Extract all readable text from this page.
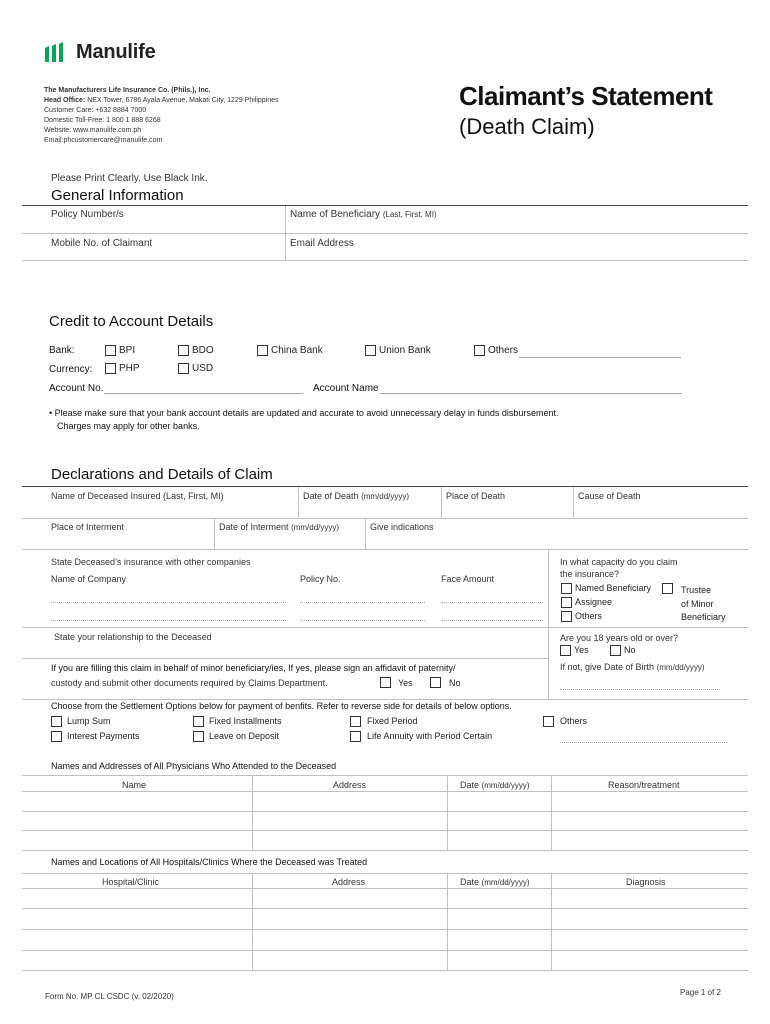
Manulife
The Manufacturers Life Insurance Co. (Phils.), Inc.
Head Office: NEX Tower, 6786 Ayala Avenue, Makati City, 1229 Philippines
Customer Care: +632 8884 7000
Domestic Toll-Free: 1 800 1 888 6268
Website: www.manulife.com.ph
Email:phcustomercare@manulife.com
Claimant’s Statement
(Death Claim)
Please Print Clearly. Use Black Ink.
General Information
Policy Number/s	Name of Beneficiary (Last, First, MI)
Mobile No. of Claimant	Email Address
Credit to Account Details
Bank:	BPI	BDO	China Bank	Union Bank	Others
Currency:	PHP	USD
Account No.	Account Name
• Please make sure that your bank account details are updated and accurate to avoid unnecessary delay in funds disbursement.
Charges may apply for other banks.
Declarations and Details of Claim
Name of Deceased Insured (Last, First, MI)	Date of Death (mm/dd/yyyy)	Place of Death	Cause of Death
Place of Interment	Date of Interment (mm/dd/yyyy)	Give indications
State Deceased’s insurance with other companies
Name of Company	Policy No.	Face Amount
In what capacity do you claim
the insurance?
Named Beneficiary	Trustee
of Minor
Beneficiary
Assignee
Others
State your relationship to the Deceased	Are you 18 years old or over?
Yes	No
If not, give Date of Birth (mm/dd/yyyy)
If you are filling this claim in behalf of minor beneficiary/ies, If yes, please sign an affidavit of paternity/
custody and submit other documents required by Claims Department.	Yes	No
Choose from the Settlement Options below for payment of benfits. Refer to reverse side for details of below options.
Lump Sum
Interest Payments
Fixed Installments
Leave on Deposit
Fixed Period
Life Annuity with Period Certain
Others
Names and Addresses of All Physicians Who Attended to the Deceased
Name	Address	Date (mm/dd/yyyy)	Reason/treatment
Names and Locations of All Hospitals/Clinics Where the Deceased was Treated
Hospital/Clinic	Address	Date (mm/dd/yyyy)	Diagnosis
Form No. MP CL CSDC (v. 02/2020)	Page 1 of 2
